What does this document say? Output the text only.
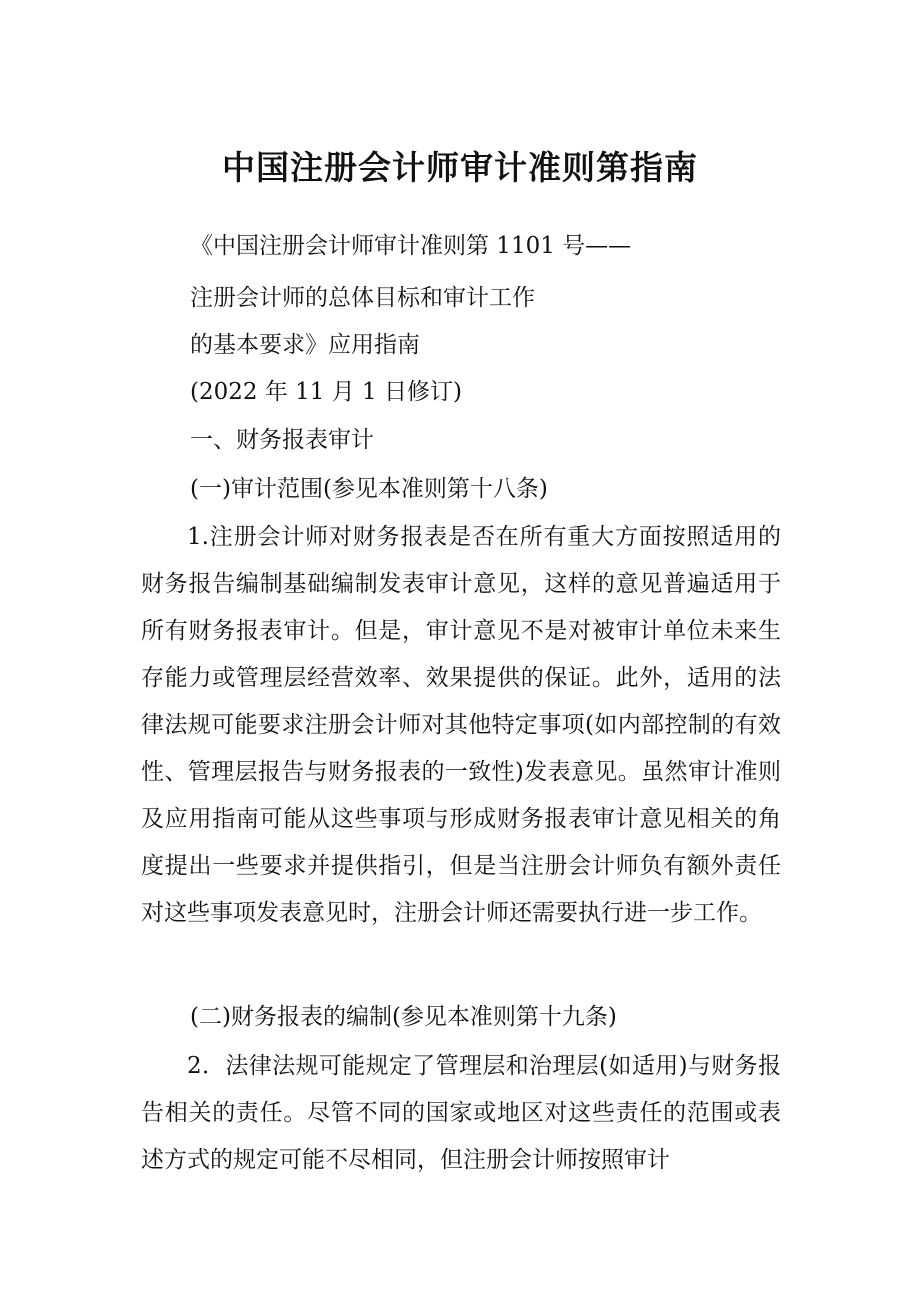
中国注册会计师审计准则第指南
《中国注册会计师审计准则第 1101 号——
注册会计师的总体目标和审计工作
的基本要求》应用指南
(2022 年 11 月 1 日修订)
一、财务报表审计
(一)审计范围(参见本准则第十八条)

1.注册会计师对财务报表是否在所有重大方面按照适用的财务报告编制基础编制发表审计意见，这样的意见普遍适用于所有财务报表审计。但是，审计意见不是对被审计单位未来生存能力或管理层经营效率、效果提供的保证。此外，适用的法律法规可能要求注册会计师对其他特定事项(如内部控制的有效性、管理层报告与财务报表的一致性)发表意见。虽然审计准则及应用指南可能从这些事项与形成财务报表审计意见相关的角度提出一些要求并提供指引，但是当注册会计师负有额外责任对这些事项发表意见时，注册会计师还需要执行进一步工作。

(二)财务报表的编制(参见本准则第十九条)

2．法律法规可能规定了管理层和治理层(如适用)与财务报告相关的责任。尽管不同的国家或地区对这些责任的范围或表述方式的规定可能不尽相同，但注册会计师按照审计
